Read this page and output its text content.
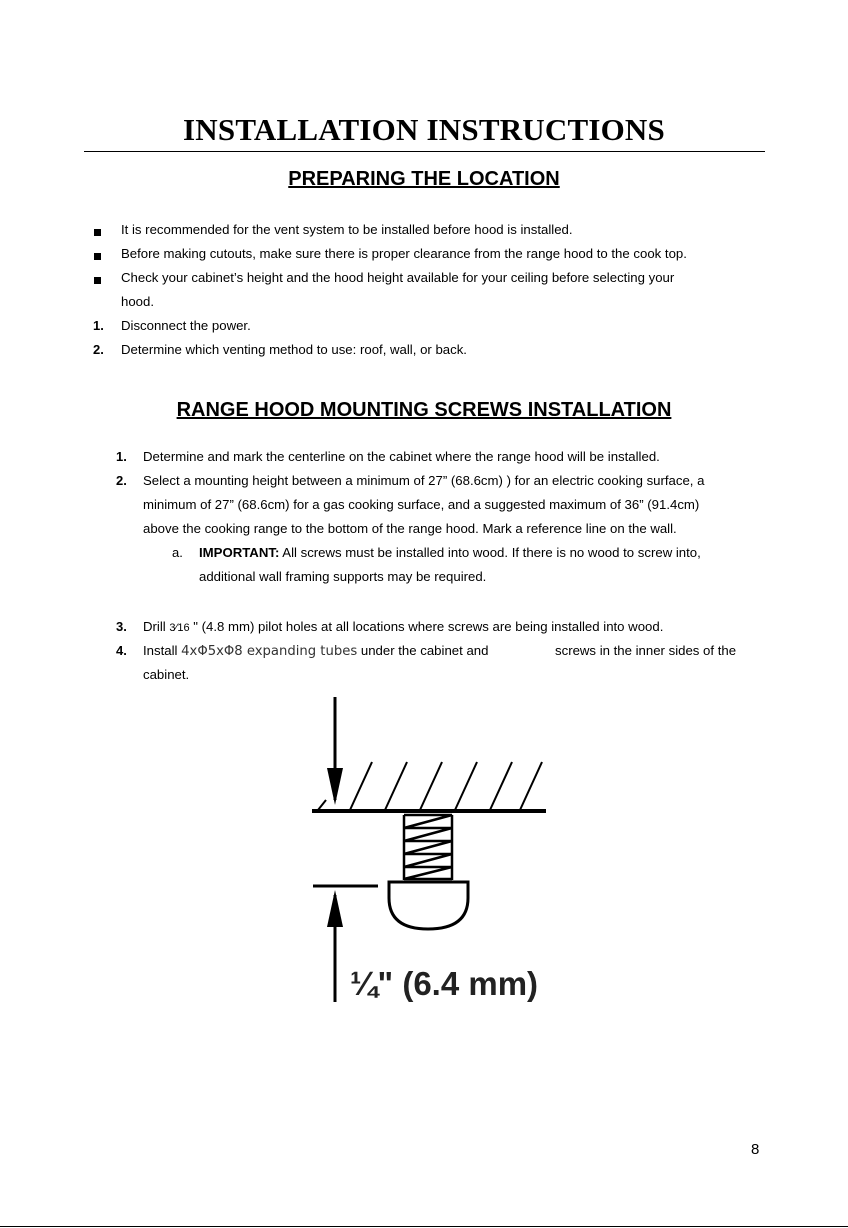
INSTALLATION INSTRUCTIONS
PREPARING THE LOCATION
It is recommended for the vent system to be installed before hood is installed.
Before making cutouts, make sure there is proper clearance from the range hood to the cook top.
Check your cabinet’s height and the hood height available for your ceiling before selecting your
hood.
1. Disconnect the power.
2. Determine which venting method to use: roof, wall, or back.
RANGE HOOD MOUNTING SCREWS INSTALLATION
1. Determine and mark the centerline on the cabinet where the range hood will be installed.
2. Select a mounting height between a minimum of 27” (68.6cm) ) for an electric cooking surface, a
minimum of 27” (68.6cm) for a gas cooking surface, and a suggested maximum of 36” (91.4cm)
above the cooking range to the bottom of the range hood. Mark a reference line on the wall.
a. IMPORTANT: All screws must be installed into wood. If there is no wood to screw into,
additional wall framing supports may be required.
3. Drill 3⁄16 " (4.8 mm) pilot holes at all locations where screws are being installed into wood.
4. Install 4xΦ5xΦ8 expanding tubes under the cabinet and	screws in the inner sides of the
cabinet.
¼" (6.4 mm)
8
